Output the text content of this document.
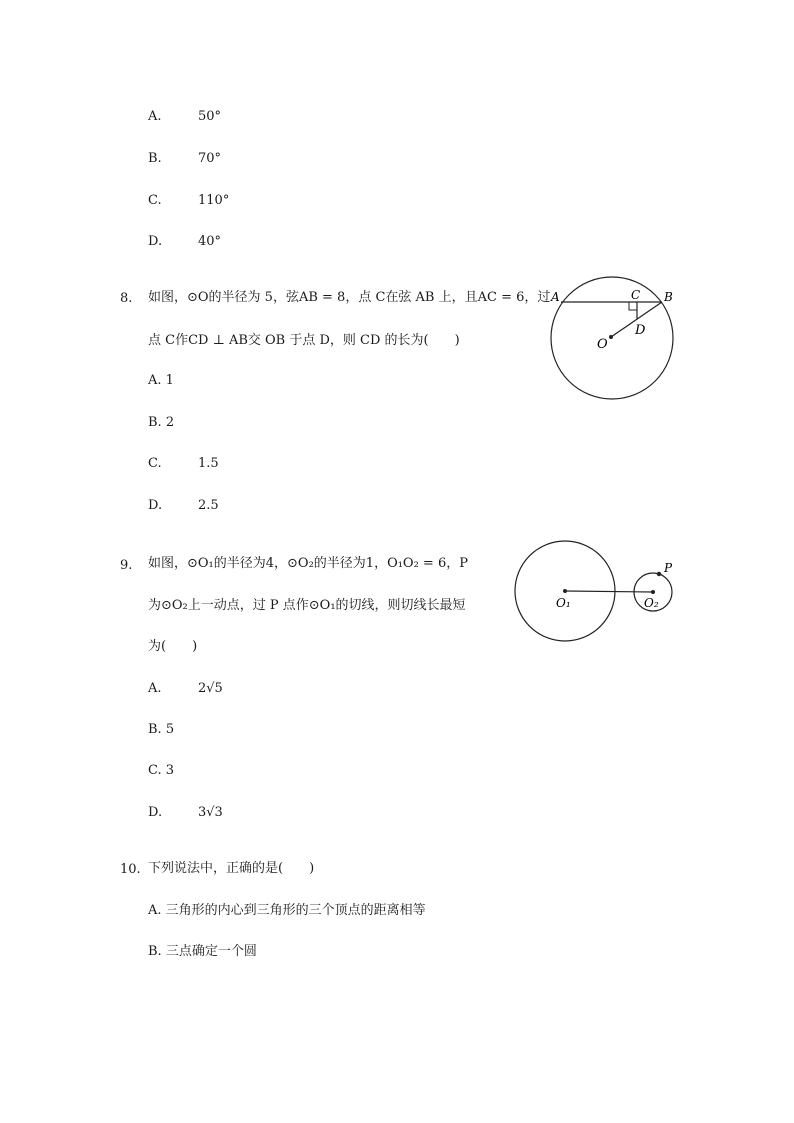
A.	50°
B.	70°
C.	110°
D.	40°
8. 如图，⊙O的半径为 5，弦AB = 8，点 C在弦 AB 上，且AC = 6，过
点 C作CD ⊥ AB交 OB 于点 D，则 CD 的长为(　　)
A. 1
B. 2
C.	1.5
D.	2.5
A	C B
D
O
9. 如图，⊙O₁的半径为4，⊙O₂的半径为1，O₁O₂ = 6，P
为⊙O₂上一动点，过 P 点作⊙O₁的切线，则切线长最短
为(　　)
A.	2√5
B. 5
C. 3
D.	3√3
O₁	O₂
P
10. 下列说法中，正确的是(　　)
A. 三角形的内心到三角形的三个顶点的距离相等
B. 三点确定一个圆
